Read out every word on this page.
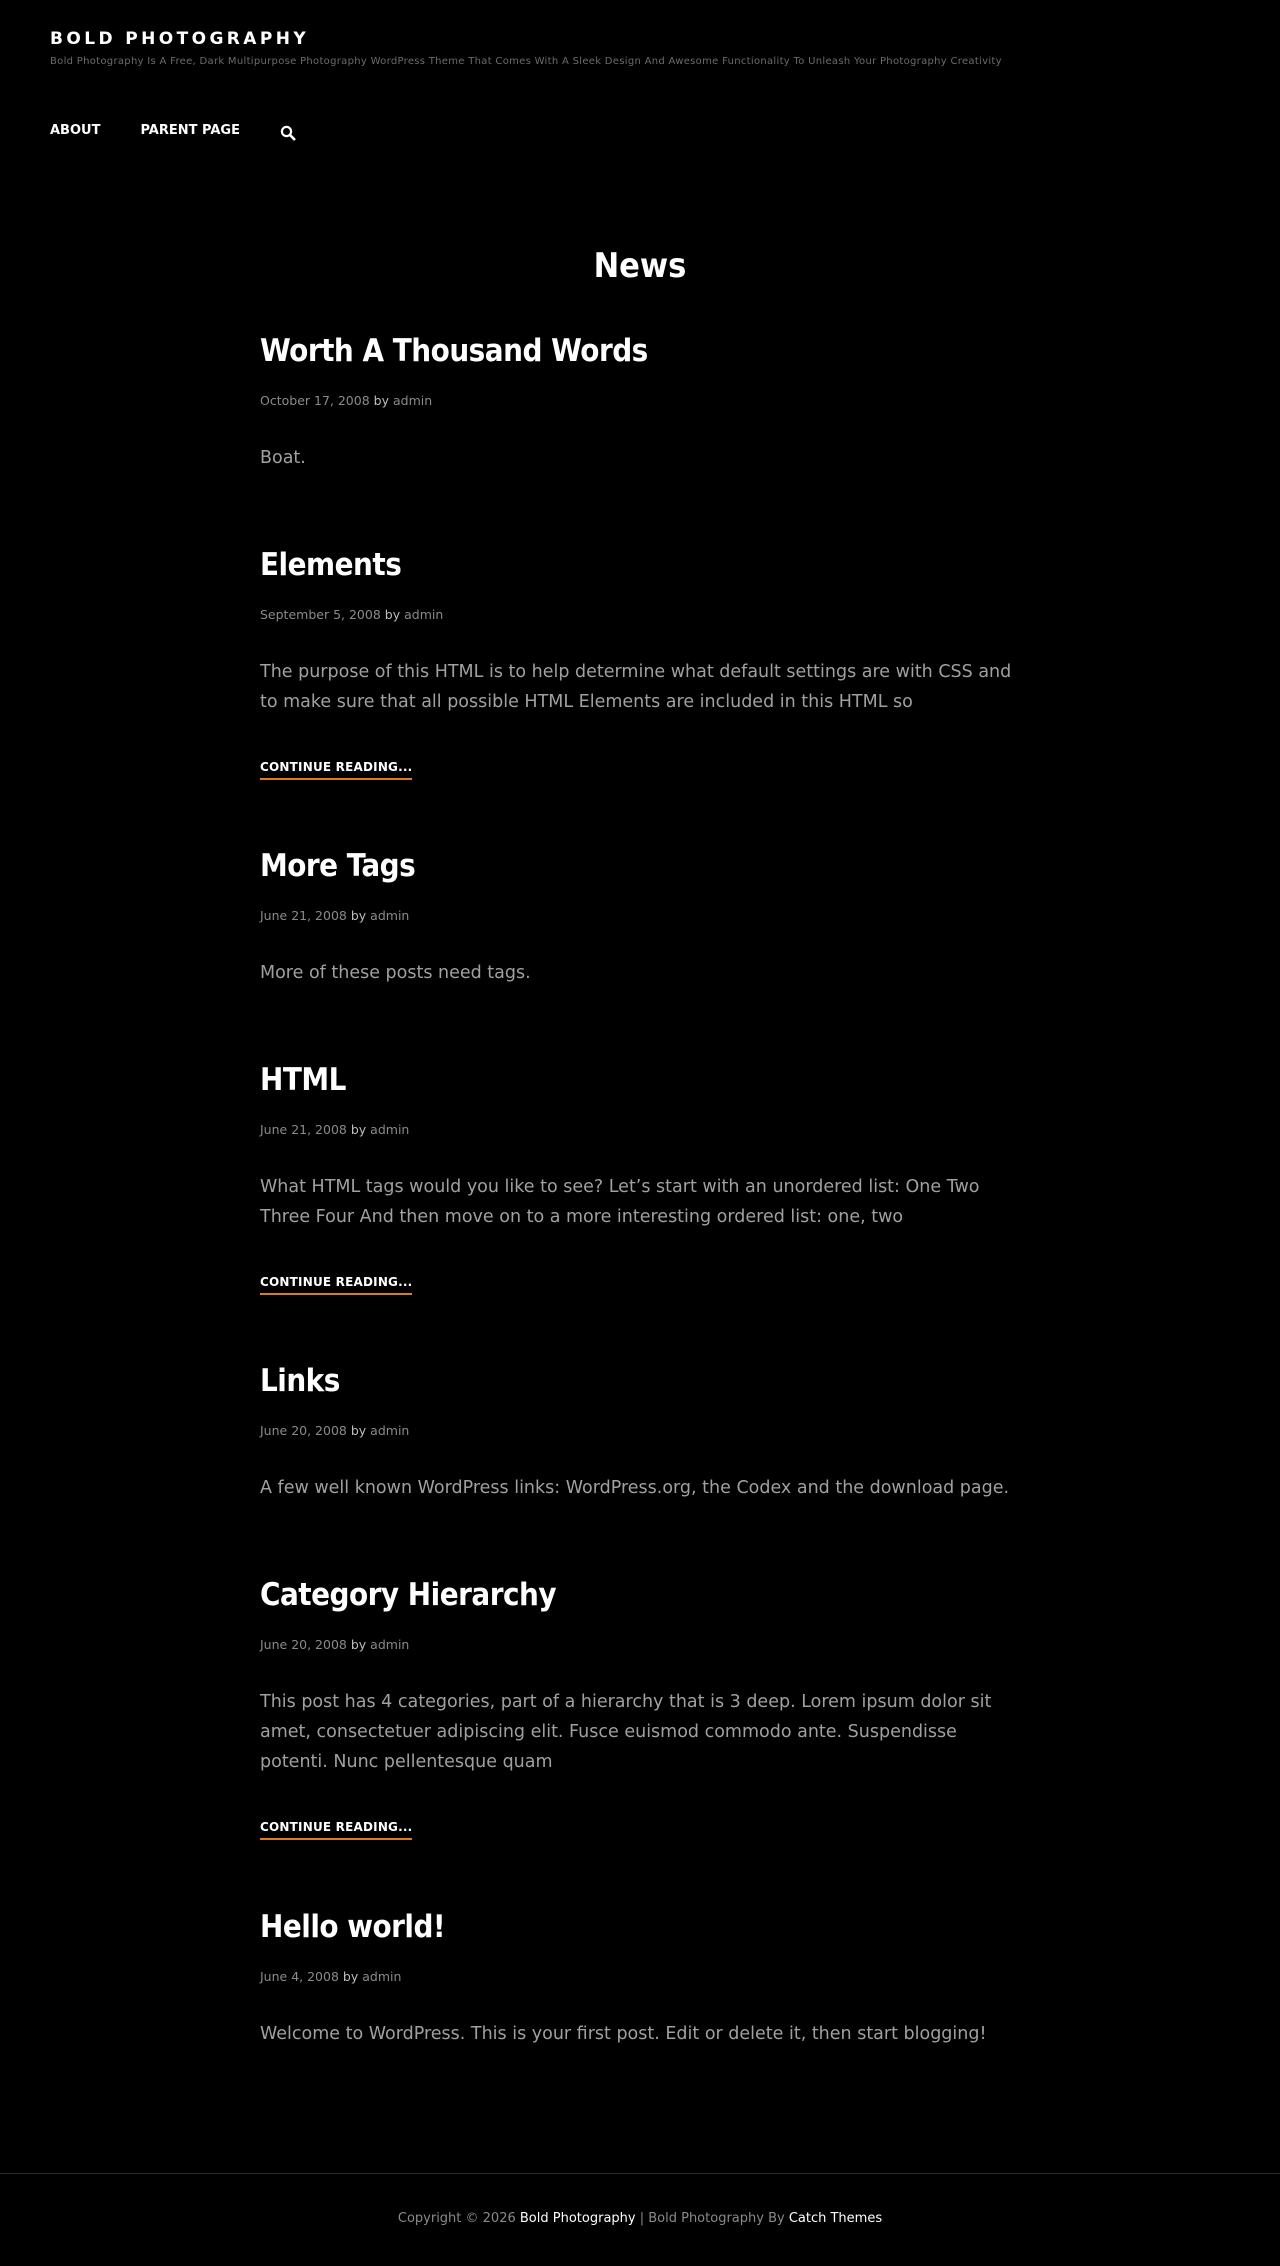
BOLD PHOTOGRAPHY
Bold Photography Is A Free, Dark Multipurpose Photography WordPress Theme That Comes With A Sleek Design And Awesome Functionality To Unleash Your Photography Creativity
ABOUT	PARENT PAGE
News
Worth A Thousand Words
October 17, 2008 by admin

Boat.

Elements
September 5, 2008 by admin

The purpose of this HTML is to help determine what default settings are with CSS and to make sure that all possible HTML Elements are included in this HTML so

CONTINUE READING...
More Tags
June 21, 2008 by admin

More of these posts need tags.

HTML
June 21, 2008 by admin

What HTML tags would you like to see? Let’s start with an unordered list: One Two Three Four And then move on to a more interesting ordered list: one, two

CONTINUE READING...
Links
June 20, 2008 by admin

A few well known WordPress links: WordPress.org, the Codex and the download page.

Category Hierarchy
June 20, 2008 by admin

This post has 4 categories, part of a hierarchy that is 3 deep. Lorem ipsum dolor sit amet, consectetuer adipiscing elit. Fusce euismod commodo ante. Suspendisse potenti. Nunc pellentesque quam

CONTINUE READING...
Hello world!
June 4, 2008 by admin

Welcome to WordPress. This is your first post. Edit or delete it, then start blogging!

Copyright © 2026 Bold Photography | Bold Photography By Catch Themes
